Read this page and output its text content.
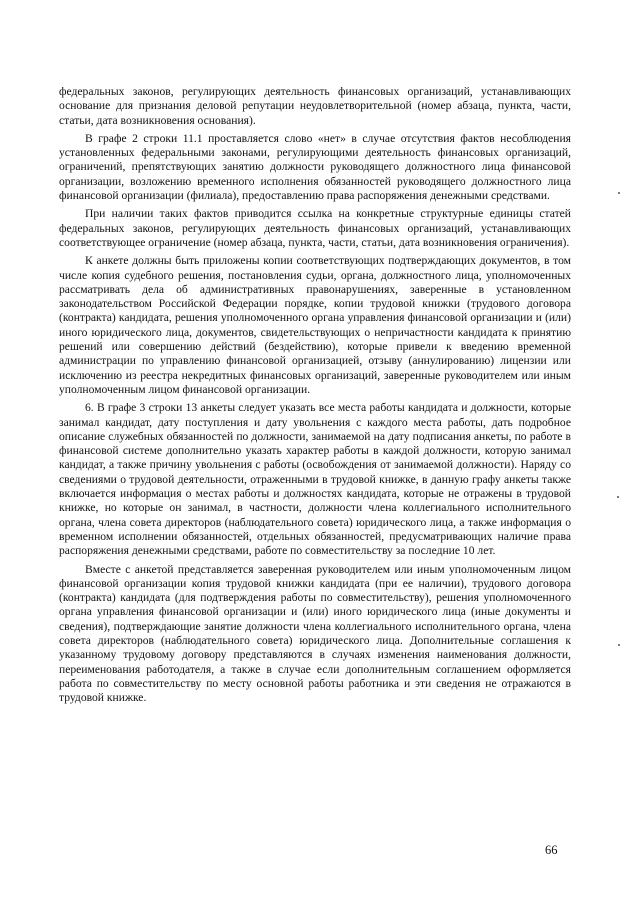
федеральных законов, регулирующих деятельность финансовых организаций, устанавливающих основание для признания деловой репутации неудовлетворительной (номер абзаца, пункта, части, статьи, дата возникновения основания).

В графе 2 строки 11.1 проставляется слово «нет» в случае отсутствия фактов несоблюдения установленных федеральными законами, регулирующими деятельность финансовых организаций, ограничений, препятствующих занятию должности руководящего должностного лица финансовой организации, возложению временного исполнения обязанностей руководящего должностного лица финансовой организации (филиала), предоставлению права распоряжения денежными средствами.

При наличии таких фактов приводится ссылка на конкретные структурные единицы статей федеральных законов, регулирующих деятельность финансовых организаций, устанавливающих соответствующее ограничение (номер абзаца, пункта, части, статьи, дата возникновения ограничения).

К анкете должны быть приложены копии соответствующих подтверждающих документов, в том числе копия судебного решения, постановления судьи, органа, должностного лица, уполномоченных рассматривать дела об административных правонарушениях, заверенные в установленном законодательством Российской Федерации порядке, копии трудовой книжки (трудового договора (контракта) кандидата, решения уполномоченного органа управления финансовой организации и (или) иного юридического лица, документов, свидетельствующих о непричастности кандидата к принятию решений или совершению действий (бездействию), которые привели к введению временной администрации по управлению финансовой организацией, отзыву (аннулированию) лицензии или исключению из реестра некредитных финансовых организаций, заверенные руководителем или иным уполномоченным лицом финансовой организации.

6. В графе 3 строки 13 анкеты следует указать все места работы кандидата и должности, которые занимал кандидат, дату поступления и дату увольнения с каждого места работы, дать подробное описание служебных обязанностей по должности, занимаемой на дату подписания анкеты, по работе в финансовой системе дополнительно указать характер работы в каждой должности, которую занимал кандидат, а также причину увольнения с работы (освобождения от занимаемой должности). Наряду со сведениями о трудовой деятельности, отраженными в трудовой книжке, в данную графу анкеты также включается информация о местах работы и должностях кандидата, которые не отражены в трудовой книжке, но которые он занимал, в частности, должности члена коллегиального исполнительного органа, члена совета директоров (наблюдательного совета) юридического лица, а также информация о временном исполнении обязанностей, отдельных обязанностей, предусматривающих наличие права распоряжения денежными средствами, работе по совместительству за последние 10 лет.

Вместе с анкетой представляется заверенная руководителем или иным уполномоченным лицом финансовой организации копия трудовой книжки кандидата (при ее наличии), трудового договора (контракта) кандидата (для подтверждения работы по совместительству), решения уполномоченного органа управления финансовой организации и (или) иного юридического лица (иные документы и сведения), подтверждающие занятие должности члена коллегиального исполнительного органа, члена совета директоров (наблюдательного совета) юридического лица. Дополнительные соглашения к указанному трудовому договору представляются в случаях изменения наименования должности, переименования работодателя, а также в случае если дополнительным соглашением оформляется работа по совместительству по месту основной работы работника и эти сведения не отражаются в трудовой книжке.

66
